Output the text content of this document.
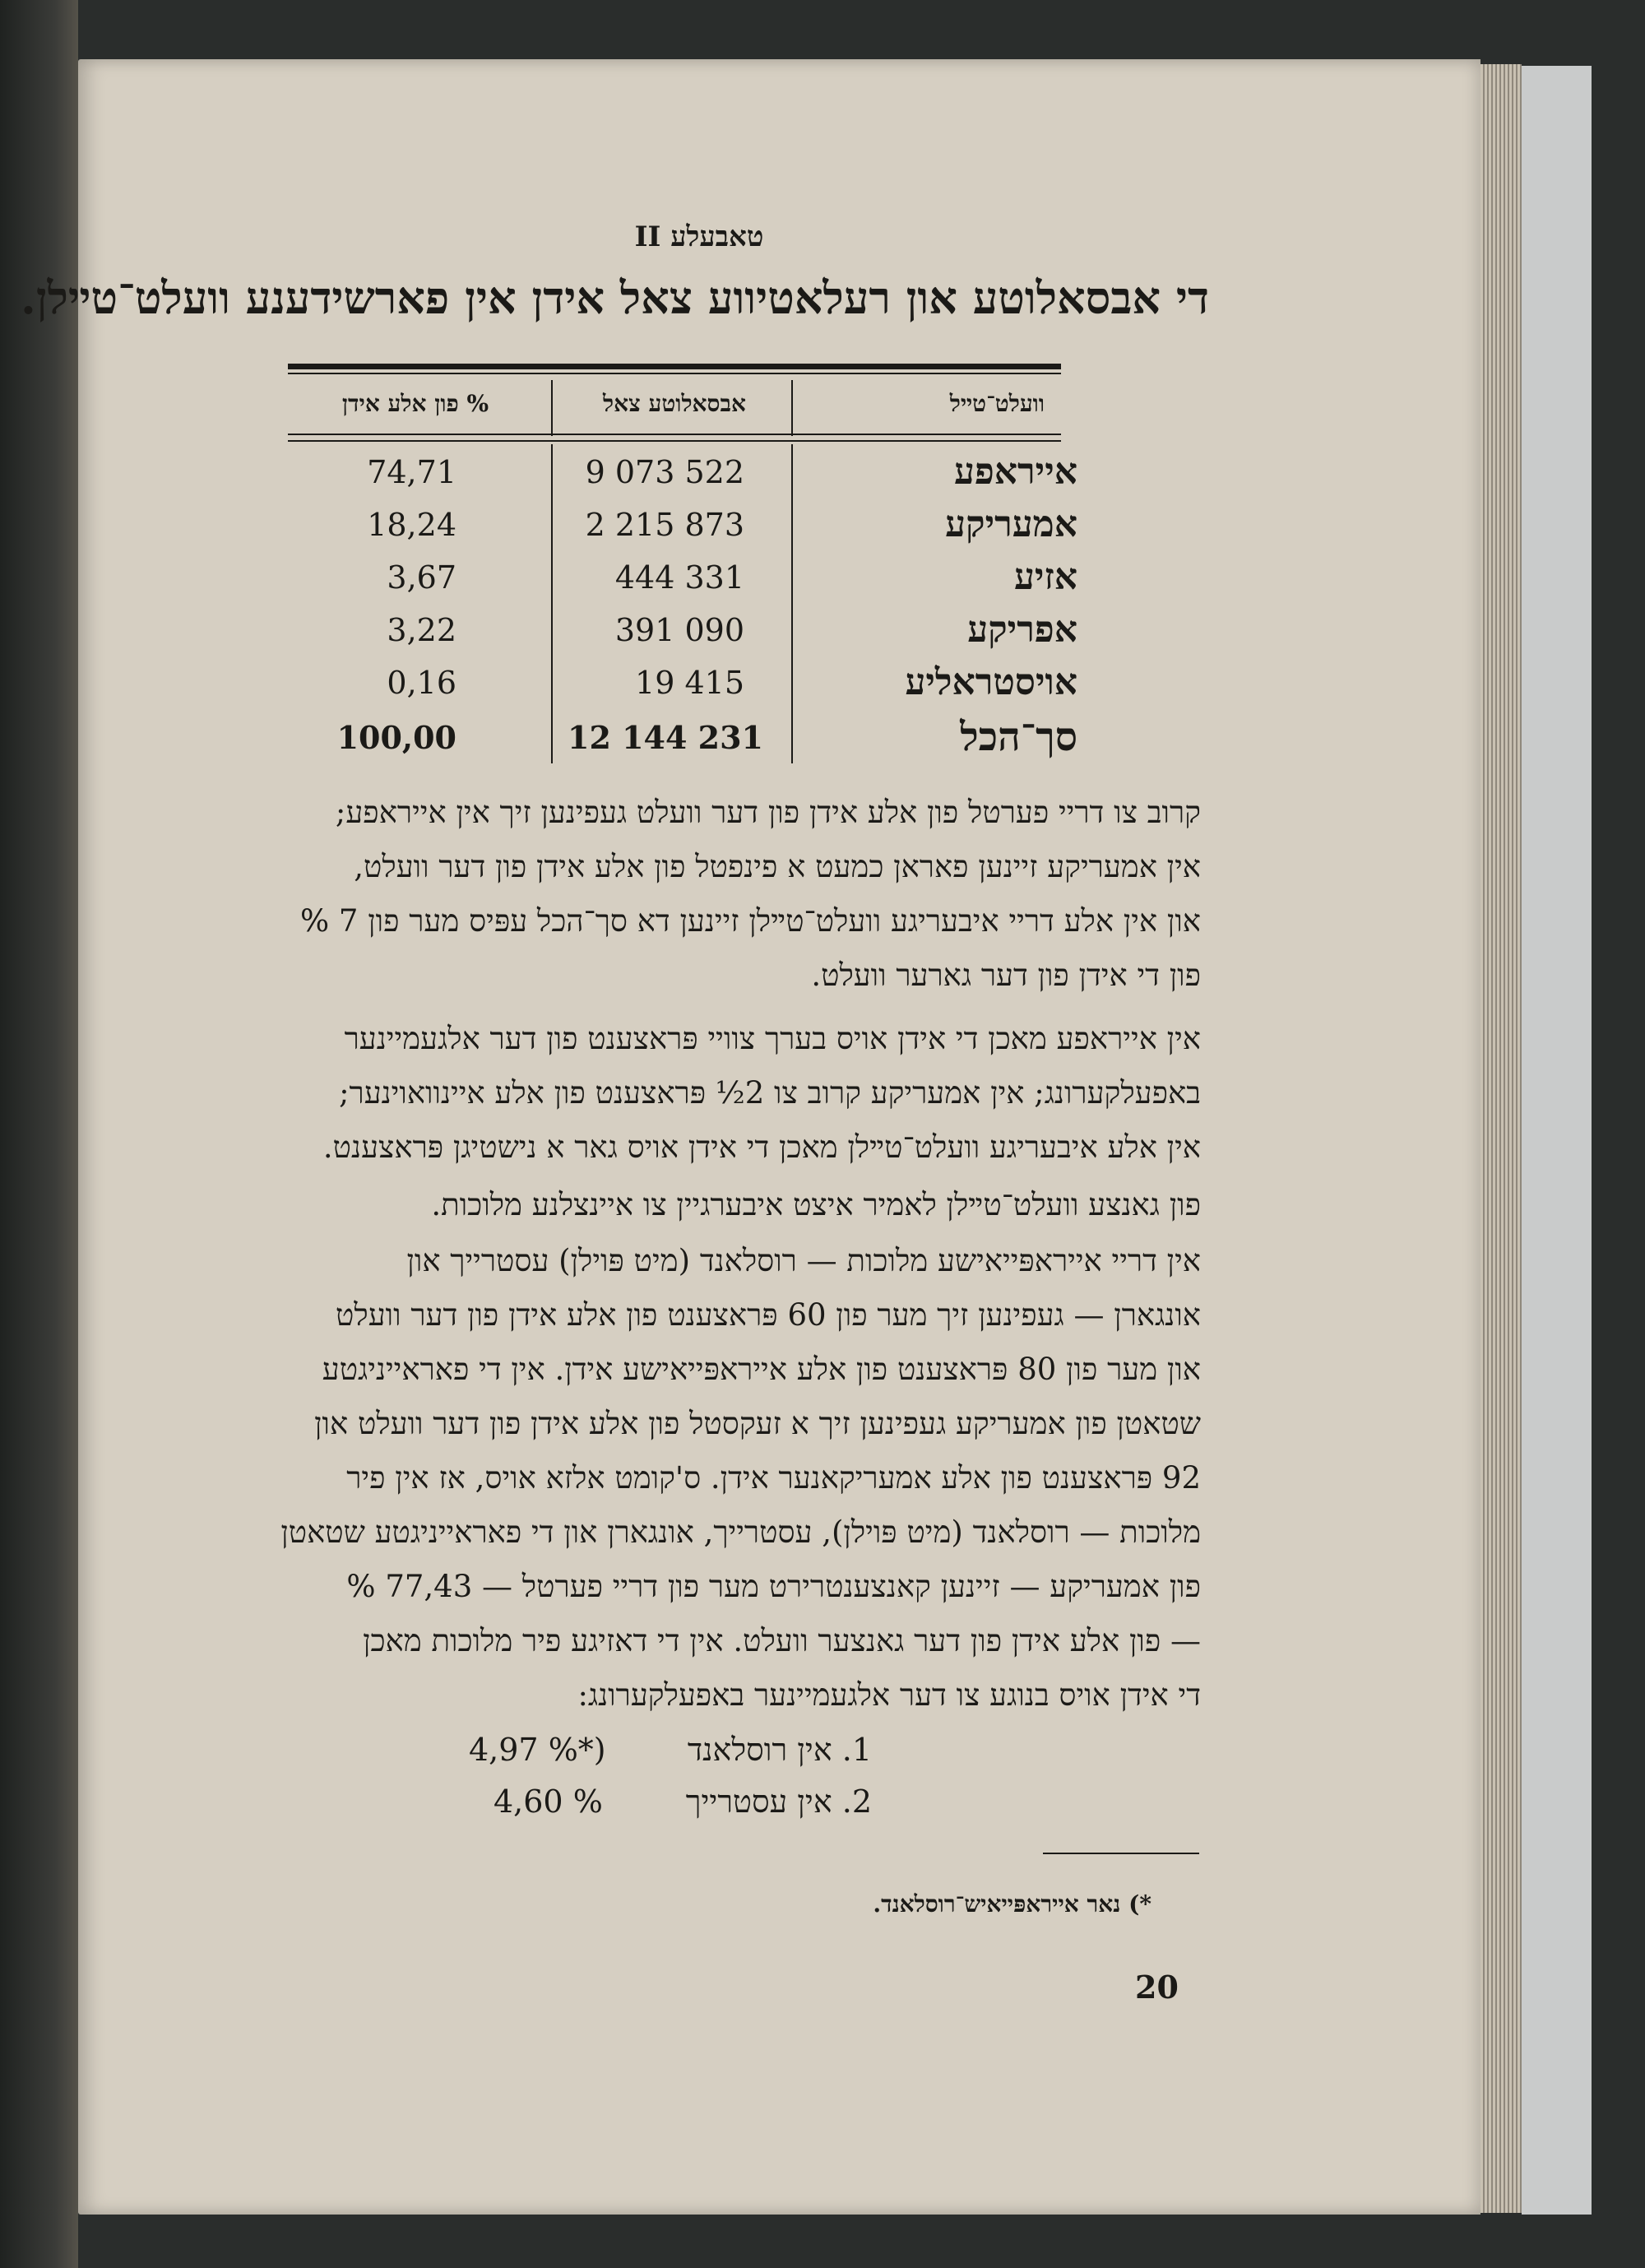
טאבעלע II
די אבסאלוטע און רעלאטיווע צאל אידן אין פארשידענע וועלט־טײלן.
וועלט־טײל
אבסאלוטע צאל
% פון אלע אידן
אייראפע
9 073 522
74,71
אמעריקע
2 215 873
18,24
אזיע
444 331
3,67
אפריקע
391 090
3,22
אויסטראליע
19 415
0,16
סך־הכל
12 144 231
100,00
קרוב צו דריי פערטל פון אלע אידן פון דער וועלט געפינען זיך אין אייראפע;
אין אמעריקע זיינען פאראן כמעט א פינפטל פון אלע אידן פון דער וועלט,
און אין אלע דריי איבעריגע וועלט־טײלן זיינען דא סך־הכל עפּיס מער פון 7 %
פון די אידן פון דער גארער וועלט.
אין אייראפע מאכן די אידן אויס בערך צוויי פּראצענט פון דער אלגעמיינער
באפעלקערונג; אין אמעריקע קרוב צו 2½ פּראצענט פון אלע איינוואוינער;
אין אלע איבעריגע וועלט־טײלן מאכן די אידן אויס גאר א נישטיגן פּראצענט.
פון גאנצע וועלט־טײלן לאמיר איצט איבערגיין צו איינצלנע מלוכות.
אין דריי אייראפּייאישע מלוכות — רוסלאנד (מיט פּוילן) עסטרייך און
אונגארן — געפינען זיך מער פון 60 פּראצענט פון אלע אידן פון דער וועלט
און מער פון 80 פּראצענט פון אלע אייראפּייאישע אידן. אין די פאראייניגטע
שטאטן פון אמעריקע געפינען זיך א זעקסטל פון אלע אידן פון דער וועלט און
92 פּראצענט פון אלע אמעריקאנער אידן. ס'קומט אלזא אויס, אז אין פיר
מלוכות — רוסלאנד (מיט פּוילן), עסטרייך, אונגארן און די פאראייניגטע שטאטן
פון אמעריקע — זיינען קאנצענטרירט מער פון דריי פערטל — 77,43 %
— פון אלע אידן פון דער גאנצער וועלט. אין די דאזיגע פיר מלוכות מאכן
די אידן אויס בנוגע צו דער אלגעמיינער באפעלקערונג:
1. אין רוסלאנד
4,97 %*)
2. אין עסטרייך
4,60 %
*) נאר אייראפּייאיש־רוסלאנד.
20
